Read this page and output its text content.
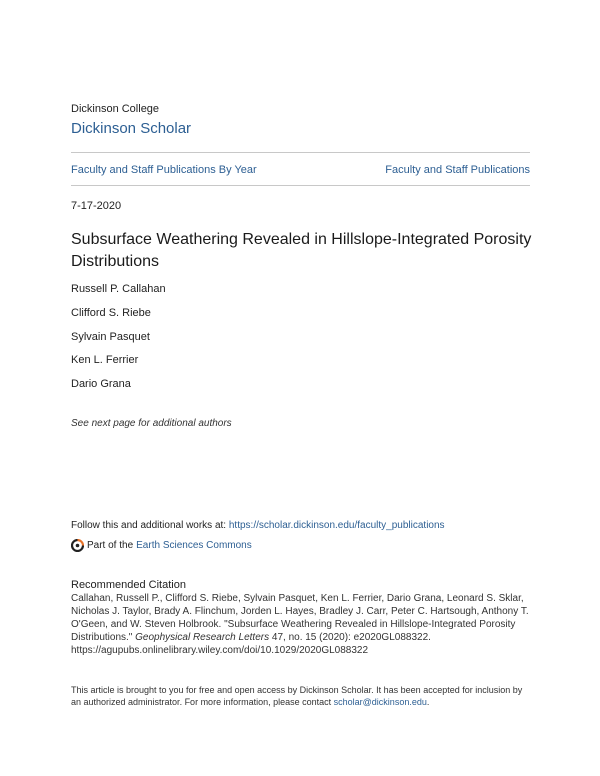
Dickinson College
Dickinson Scholar
Faculty and Staff Publications By Year	Faculty and Staff Publications
7-17-2020
Subsurface Weathering Revealed in Hillslope-Integrated Porosity Distributions
Russell P. Callahan
Clifford S. Riebe
Sylvain Pasquet
Ken L. Ferrier
Dario Grana
See next page for additional authors
Follow this and additional works at: https://scholar.dickinson.edu/faculty_publications
Part of the Earth Sciences Commons
Recommended Citation
Callahan, Russell P., Clifford S. Riebe, Sylvain Pasquet, Ken L. Ferrier, Dario Grana, Leonard S. Sklar, Nicholas J. Taylor, Brady A. Flinchum, Jorden L. Hayes, Bradley J. Carr, Peter C. Hartsough, Anthony T. O'Geen, and W. Steven Holbrook. "Subsurface Weathering Revealed in Hillslope-Integrated Porosity Distributions." Geophysical Research Letters 47, no. 15 (2020): e2020GL088322. https://agupubs.onlinelibrary.wiley.com/doi/10.1029/2020GL088322
This article is brought to you for free and open access by Dickinson Scholar. It has been accepted for inclusion by an authorized administrator. For more information, please contact scholar@dickinson.edu.
